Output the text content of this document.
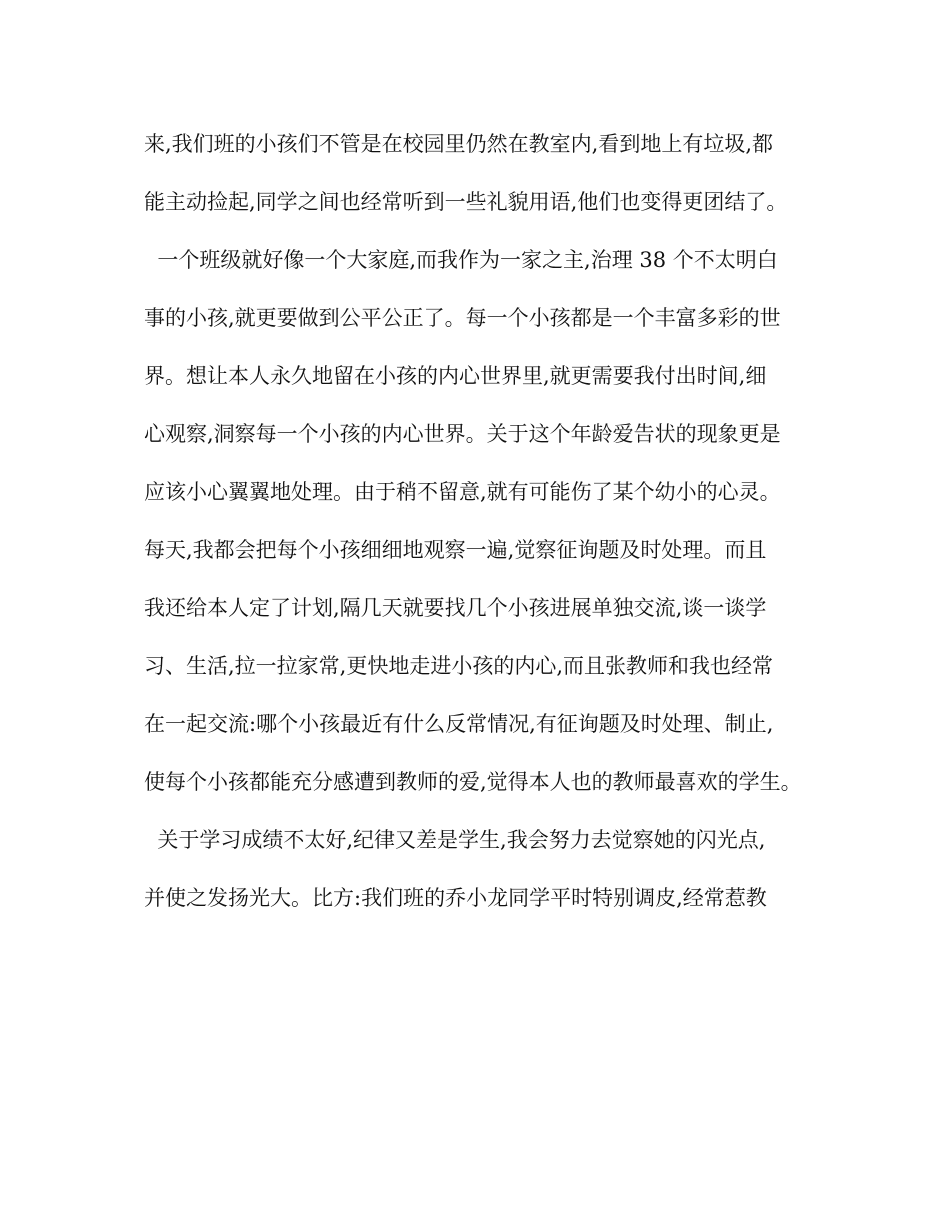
来,我们班的小孩们不管是在校园里仍然在教室内,看到地上有垃圾,都
能主动捡起,同学之间也经常听到一些礼貌用语,他们也变得更团结了。
一个班级就好像一个大家庭,而我作为一家之主,治理 38 个不太明白
事的小孩,就更要做到公平公正了。每一个小孩都是一个丰富多彩的世
界。想让本人永久地留在小孩的内心世界里,就更需要我付出时间,细
心观察,洞察每一个小孩的内心世界。关于这个年龄爱告状的现象更是
应该小心翼翼地处理。由于稍不留意,就有可能伤了某个幼小的心灵。
每天,我都会把每个小孩细细地观察一遍,觉察征询题及时处理。而且
我还给本人定了计划,隔几天就要找几个小孩进展单独交流,谈一谈学
习、生活,拉一拉家常,更快地走进小孩的内心,而且张教师和我也经常
在一起交流:哪个小孩最近有什么反常情况,有征询题及时处理、制止,
使每个小孩都能充分感遭到教师的爱,觉得本人也的教师最喜欢的学生。
关于学习成绩不太好,纪律又差是学生,我会努力去觉察她的闪光点,
并使之发扬光大。比方:我们班的乔小龙同学平时特别调皮,经常惹教
